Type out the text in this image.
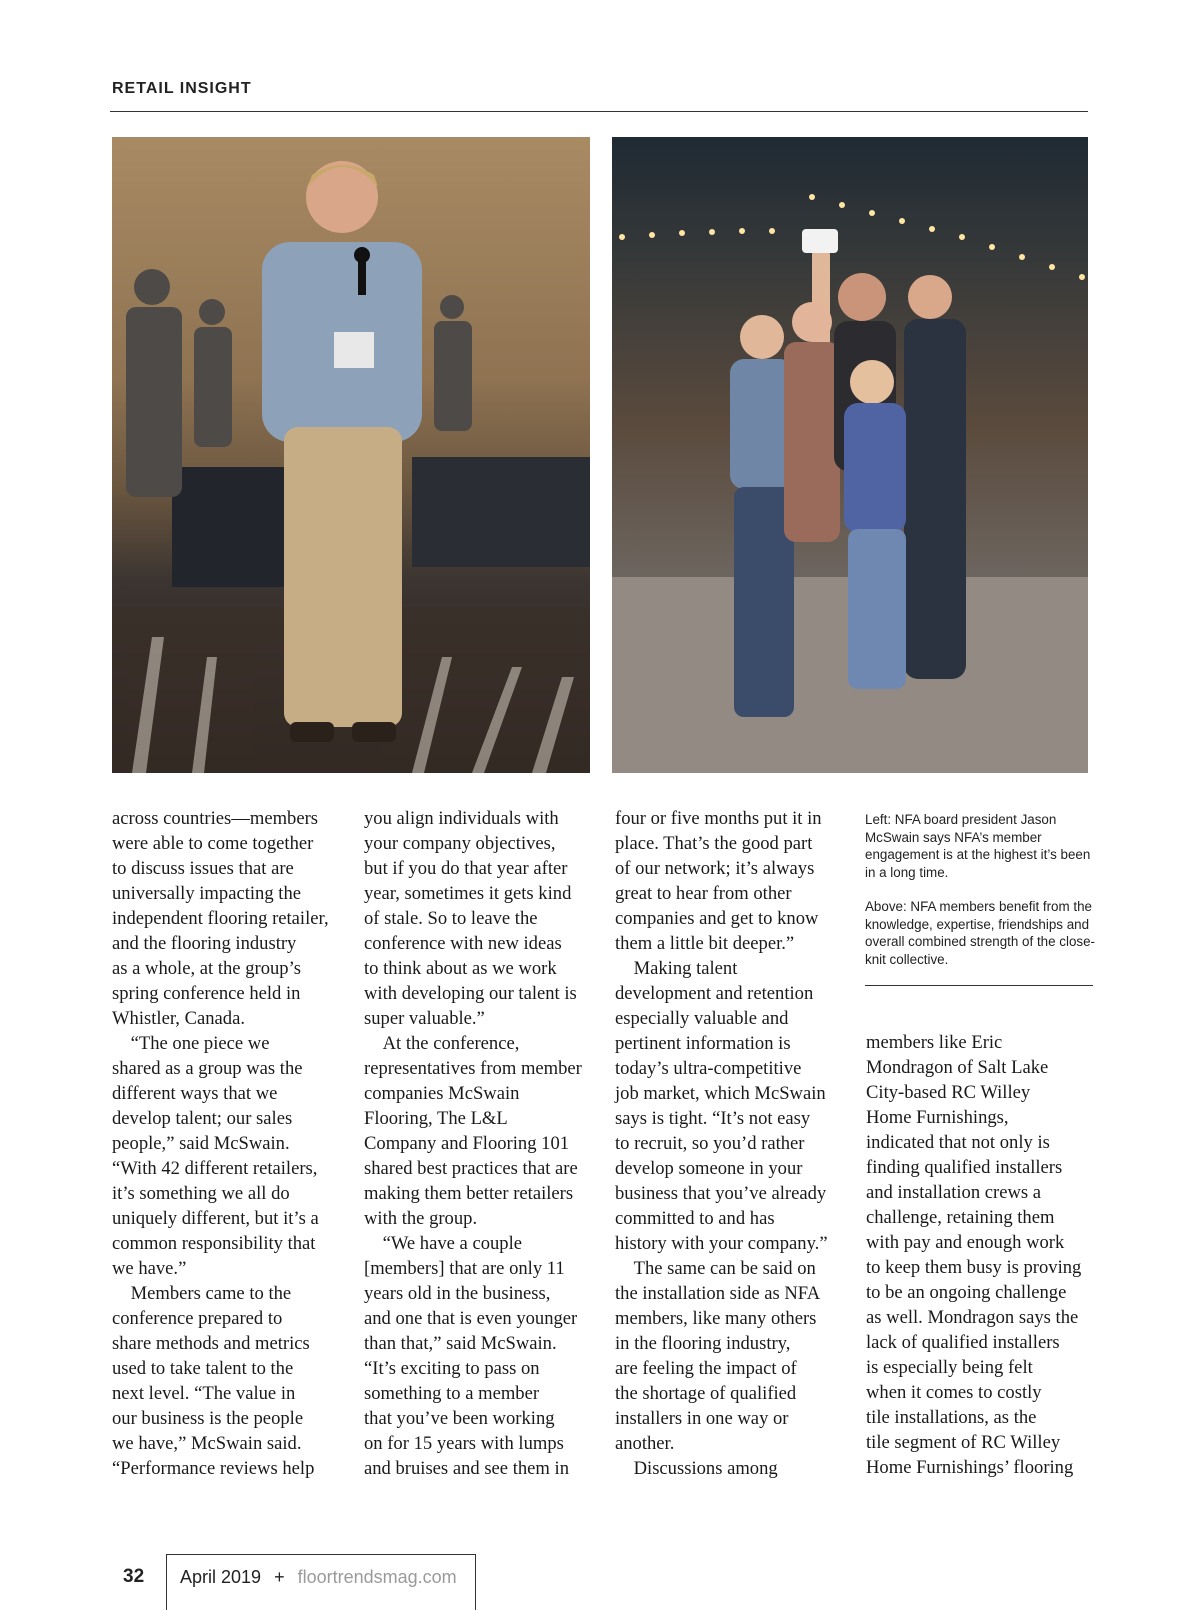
RETAIL INSIGHT
across countries—members
were able to come together
to discuss issues that are
universally impacting the
independent flooring retailer,
and the flooring industry
as a whole, at the group’s
spring conference held in
Whistler, Canada.
 “The one piece we
shared as a group was the
different ways that we
develop talent; our sales
people,” said McSwain.
“With 42 different retailers,
it’s something we all do
uniquely different, but it’s a
common responsibility that
we have.”
 Members came to the
conference prepared to
share methods and metrics
used to take talent to the
next level. “The value in
our business is the people
we have,” McSwain said.
“Performance reviews help
you align individuals with
your company objectives,
but if you do that year after
year, sometimes it gets kind
of stale. So to leave the
conference with new ideas
to think about as we work
with developing our talent is
super valuable.”
 At the conference,
representatives from member
companies McSwain
Flooring, The L&L
Company and Flooring 101
shared best practices that are
making them better retailers
with the group.
 “We have a couple
[members] that are only 11
years old in the business,
and one that is even younger
than that,” said McSwain.
“It’s exciting to pass on
something to a member
that you’ve been working
on for 15 years with lumps
and bruises and see them in
four or five months put it in
place. That’s the good part
of our network; it’s always
great to hear from other
companies and get to know
them a little bit deeper.”
 Making talent
development and retention
especially valuable and
pertinent information is
today’s ultra-competitive
job market, which McSwain
says is tight. “It’s not easy
to recruit, so you’d rather
develop someone in your
business that you’ve already
committed to and has
history with your company.”
 The same can be said on
the installation side as NFA
members, like many others
in the flooring industry,
are feeling the impact of
the shortage of qualified
installers in one way or
another.
 Discussions among
members like Eric
Mondragon of Salt Lake
City-based RC Willey
Home Furnishings,
indicated that not only is
finding qualified installers
and installation crews a
challenge, retaining them
with pay and enough work
to keep them busy is proving
to be an ongoing challenge
as well. Mondragon says the
lack of qualified installers
is especially being felt
when it comes to costly
tile installations, as the
tile segment of RC Willey
Home Furnishings’ flooring

Left: NFA board president Jason McSwain says NFA’s member engagement is at the highest it’s been in a long time.

Above: NFA members benefit from the knowledge, expertise, friendships and overall combined strength of the close-knit collective.

32 April 2019 + floortrendsmag.com
